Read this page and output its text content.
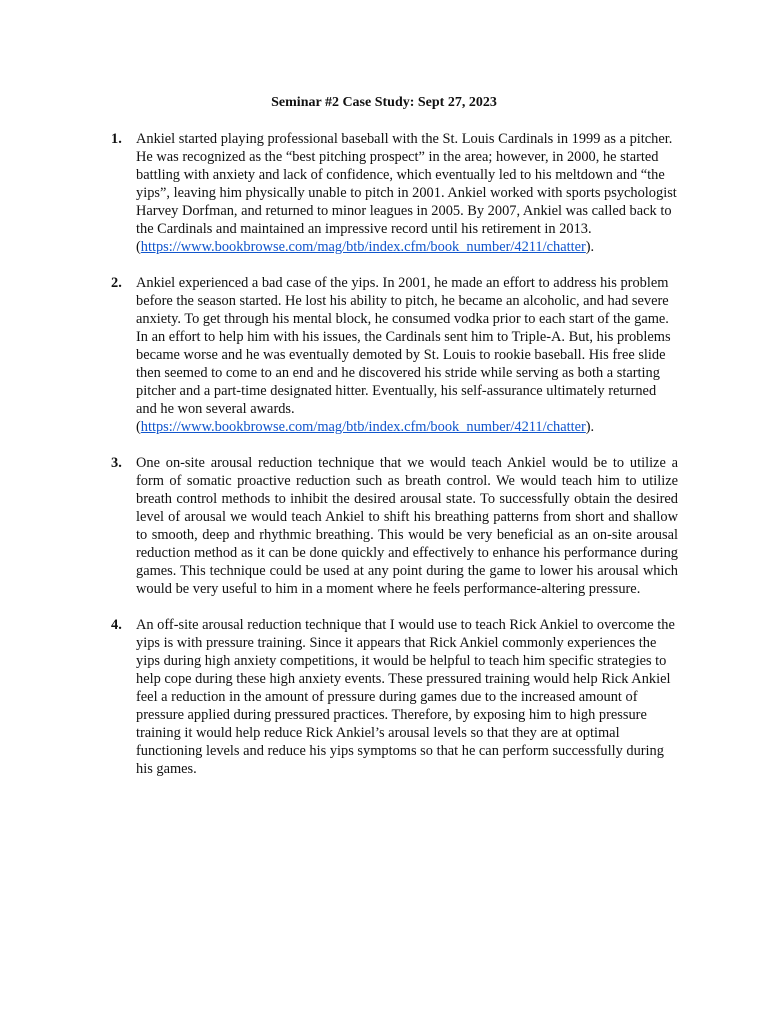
Seminar #2 Case Study: Sept 27, 2023
1. Ankiel started playing professional baseball with the St. Louis Cardinals in 1999 as a pitcher. He was recognized as the “best pitching prospect” in the area; however, in 2000, he started battling with anxiety and lack of confidence, which eventually led to his meltdown and “the yips”, leaving him physically unable to pitch in 2001. Ankiel worked with sports psychologist Harvey Dorfman, and returned to minor leagues in 2005. By 2007, Ankiel was called back to the Cardinals and maintained an impressive record until his retirement in 2013.
(https://www.bookbrowse.com/mag/btb/index.cfm/book_number/4211/chatter).
2. Ankiel experienced a bad case of the yips. In 2001, he made an effort to address his problem before the season started. He lost his ability to pitch, he became an alcoholic, and had severe anxiety. To get through his mental block, he consumed vodka prior to each start of the game. In an effort to help him with his issues, the Cardinals sent him to Triple-A. But, his problems became worse and he was eventually demoted by St. Louis to rookie baseball. His free slide then seemed to come to an end and he discovered his stride while serving as both a starting pitcher and a part-time designated hitter. Eventually, his self-assurance ultimately returned and he won several awards.
(https://www.bookbrowse.com/mag/btb/index.cfm/book_number/4211/chatter).
3. One on-site arousal reduction technique that we would teach Ankiel would be to utilize a form of somatic proactive reduction such as breath control. We would teach him to utilize breath control methods to inhibit the desired arousal state. To successfully obtain the desired level of arousal we would teach Ankiel to shift his breathing patterns from short and shallow to smooth, deep and rhythmic breathing. This would be very beneficial as an on-site arousal reduction method as it can be done quickly and effectively to enhance his performance during games. This technique could be used at any point during the game to lower his arousal which would be very useful to him in a moment where he feels performance-altering pressure.
4. An off-site arousal reduction technique that I would use to teach Rick Ankiel to overcome the yips is with pressure training. Since it appears that Rick Ankiel commonly experiences the yips during high anxiety competitions, it would be helpful to teach him specific strategies to help cope during these high anxiety events. These pressured training would help Rick Ankiel feel a reduction in the amount of pressure during games due to the increased amount of pressure applied during pressured practices. Therefore, by exposing him to high pressure training it would help reduce Rick Ankiel’s arousal levels so that they are at optimal functioning levels and reduce his yips symptoms so that he can perform successfully during his games.
